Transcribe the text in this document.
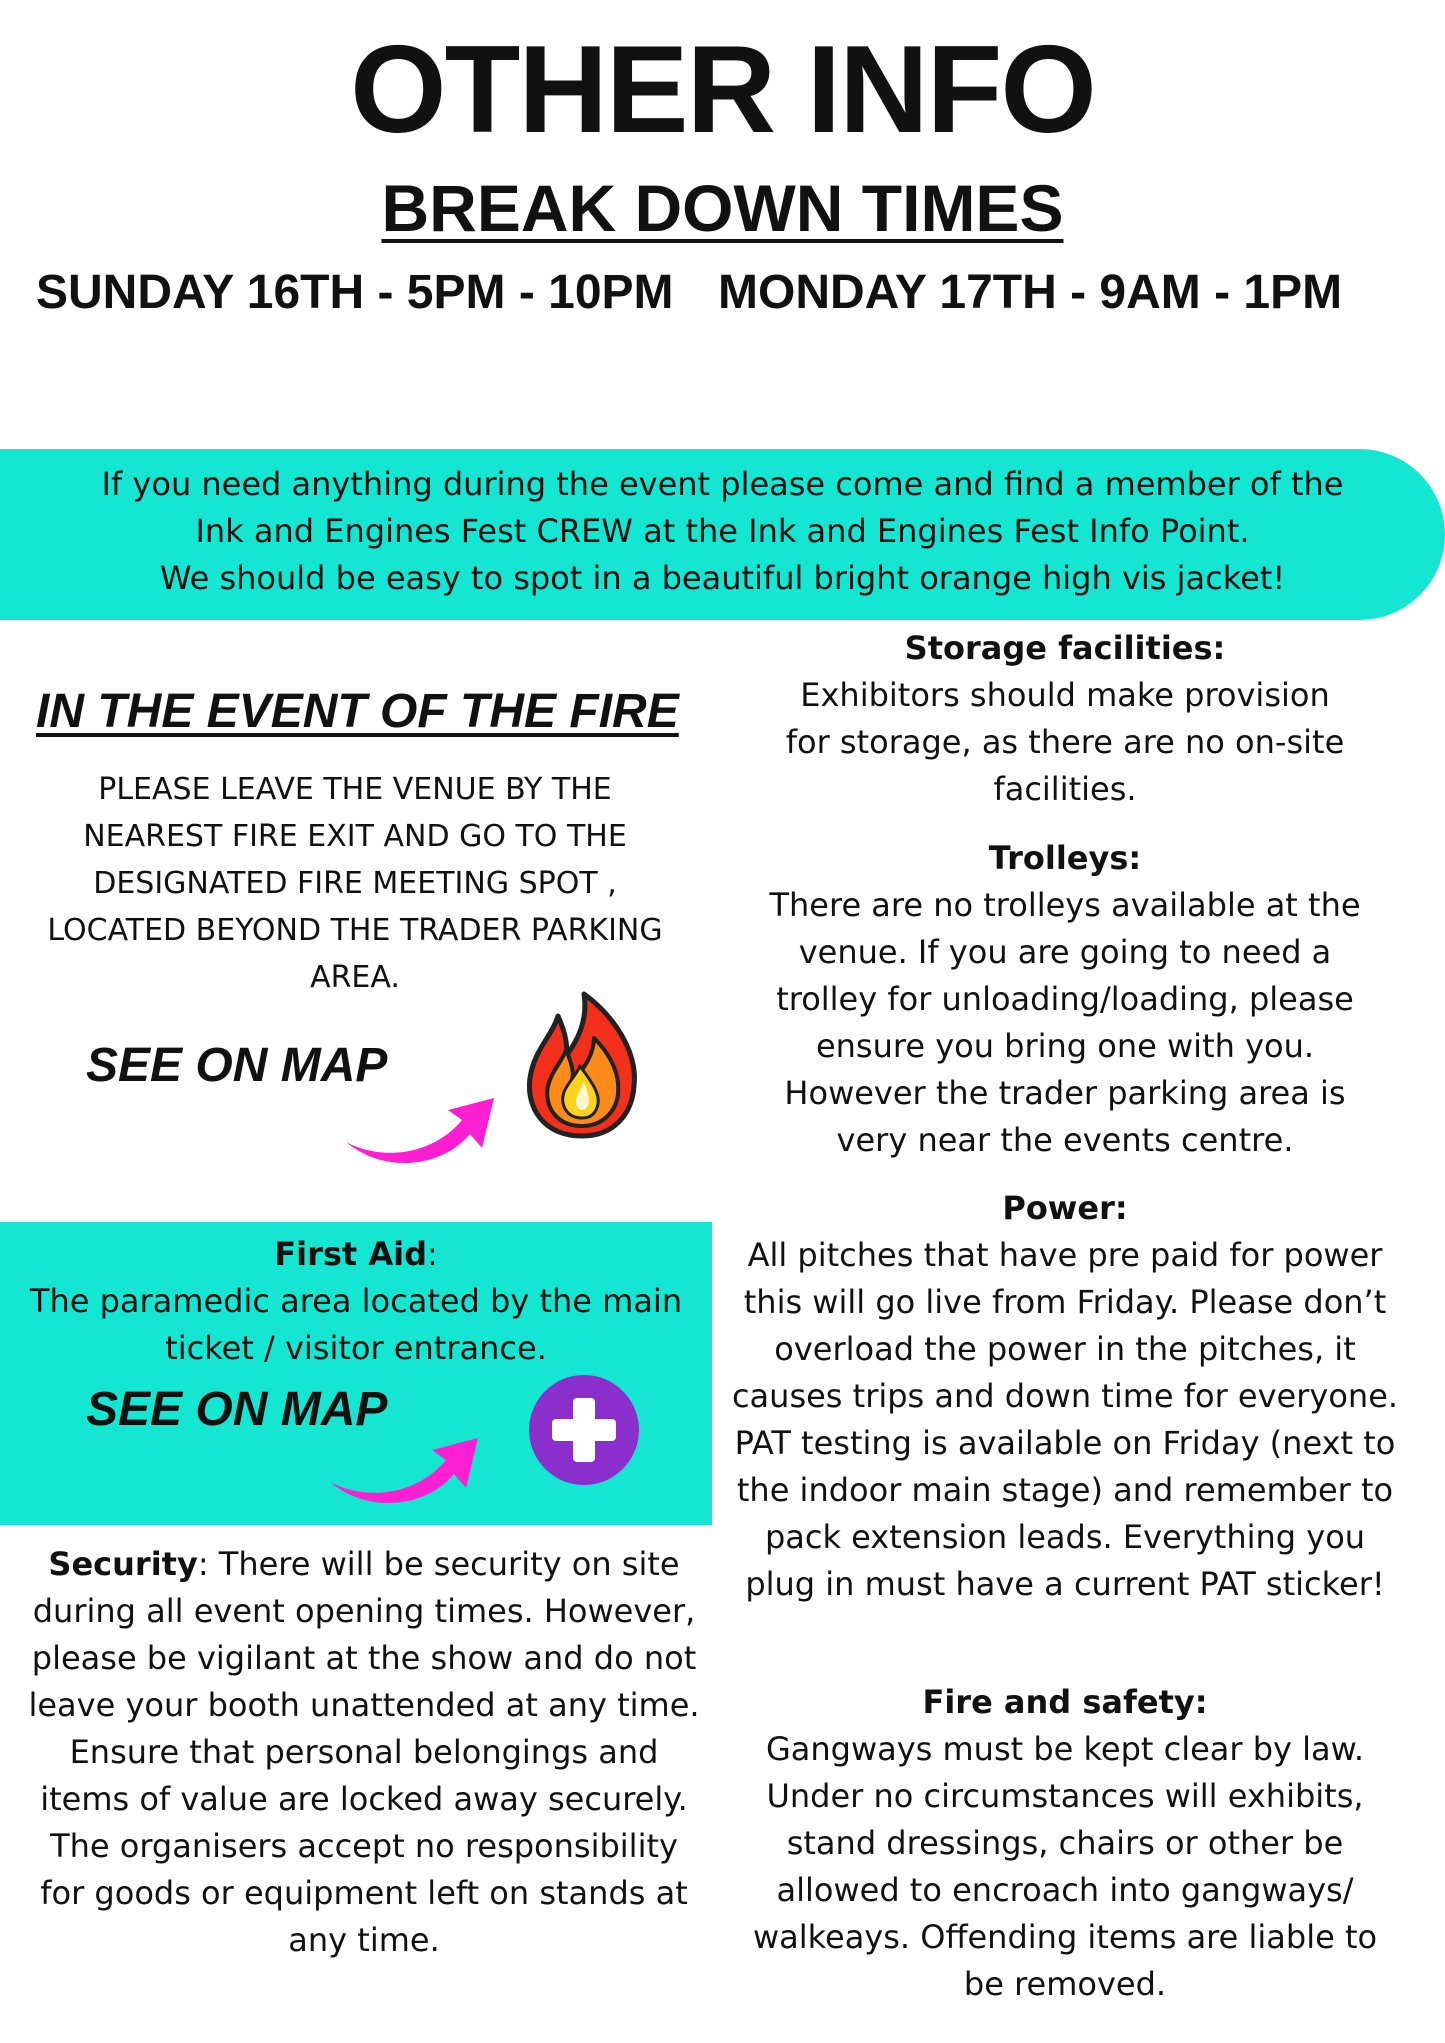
OTHER INFO
BREAK DOWN TIMES
SUNDAY 16TH - 5PM - 10PM MONDAY 17TH - 9AM - 1PM
If you need anything during the event please come and find a member of the
Ink and Engines Fest CREW at the Ink and Engines Fest Info Point.
We should be easy to spot in a beautiful bright orange high vis jacket!
IN THE EVENT OF THE FIRE
PLEASE LEAVE THE VENUE BY THE NEAREST FIRE EXIT AND GO TO THE DESIGNATED FIRE MEETING SPOT , LOCATED BEYOND THE TRADER PARKING AREA.
SEE ON MAP
First Aid:
The paramedic area located by the main ticket / visitor entrance.
SEE ON MAP
Security: There will be security on site during all event opening times. However, please be vigilant at the show and do not leave your booth unattended at any time. Ensure that personal belongings and items of value are locked away securely. The organisers accept no responsibility for goods or equipment left on stands at any time.
Storage facilities:
Exhibitors should make provision for storage, as there are no on-site facilities.
Trolleys:
There are no trolleys available at the venue. If you are going to need a trolley for unloading/loading, please ensure you bring one with you. However the trader parking area is very near the events centre.
Power:
All pitches that have pre paid for power this will go live from Friday. Please don’t overload the power in the pitches, it causes trips and down time for everyone. PAT testing is available on Friday (next to the indoor main stage) and remember to pack extension leads. Everything you plug in must have a current PAT sticker!
Fire and safety:
Gangways must be kept clear by law. Under no circumstances will exhibits, stand dressings, chairs or other be allowed to encroach into gangways/ walkeays. Offending items are liable to be removed.
